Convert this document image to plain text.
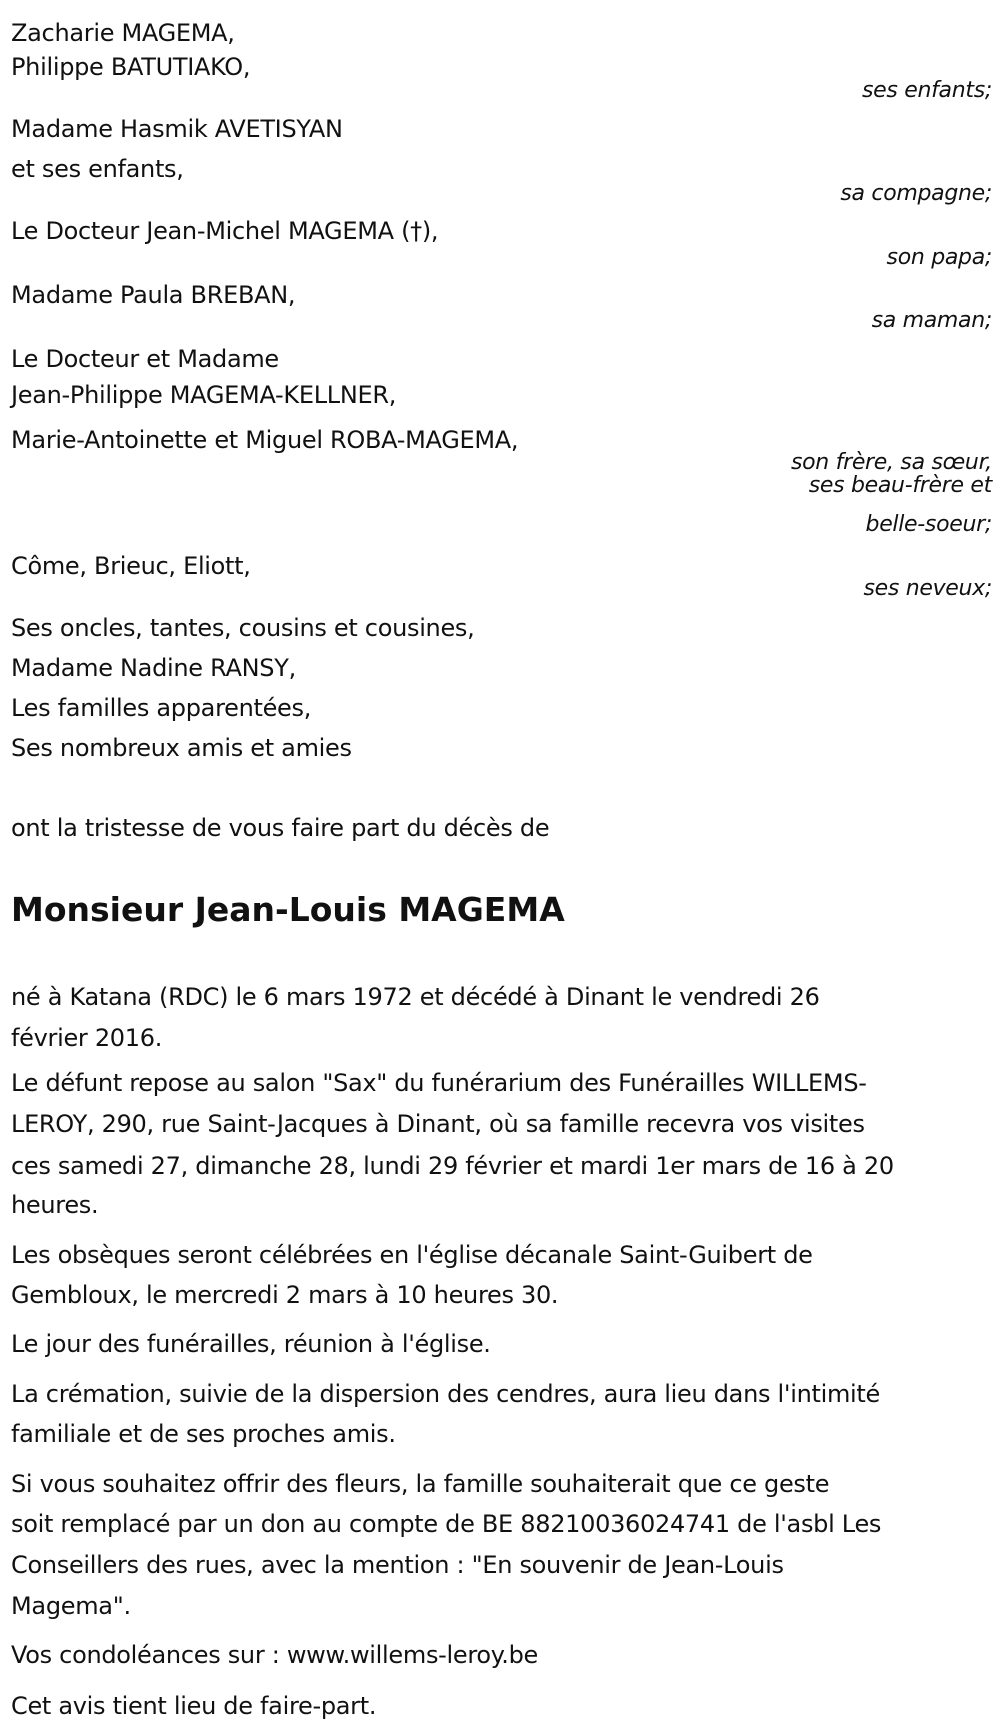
Zacharie MAGEMA,
Philippe BATUTIAKO,
ses enfants;
Madame Hasmik AVETISYAN
et ses enfants,
sa compagne;
Le Docteur Jean-Michel MAGEMA (†),
son papa;
Madame Paula BREBAN,
sa maman;
Le Docteur et Madame
Jean-Philippe MAGEMA-KELLNER,
Marie-Antoinette et Miguel ROBA-MAGEMA,
son frère, sa sœur,
ses beau-frère et
belle-soeur;
Côme, Brieuc, Eliott,
ses neveux;
Ses oncles, tantes, cousins et cousines,
Madame Nadine RANSY,
Les familles apparentées,
Ses nombreux amis et amies
ont la tristesse de vous faire part du décès de
Monsieur Jean-Louis MAGEMA
né à Katana (RDC) le 6 mars 1972 et décédé à Dinant le vendredi 26
février 2016.
Le défunt repose au salon "Sax" du funérarium des Funérailles WILLEMS-
LEROY, 290, rue Saint-Jacques à Dinant, où sa famille recevra vos visites
ces samedi 27, dimanche 28, lundi 29 février et mardi 1er mars de 16 à 20
heures.
Les obsèques seront célébrées en l'église décanale Saint-Guibert de
Gembloux, le mercredi 2 mars à 10 heures 30.
Le jour des funérailles, réunion à l'église.
La crémation, suivie de la dispersion des cendres, aura lieu dans l'intimité
familiale et de ses proches amis.
Si vous souhaitez offrir des fleurs, la famille souhaiterait que ce geste
soit remplacé par un don au compte de BE 88210036024741 de l'asbl Les
Conseillers des rues, avec la mention : "En souvenir de Jean-Louis
Magema".
Vos condoléances sur : www.willems-leroy.be
Cet avis tient lieu de faire-part.
